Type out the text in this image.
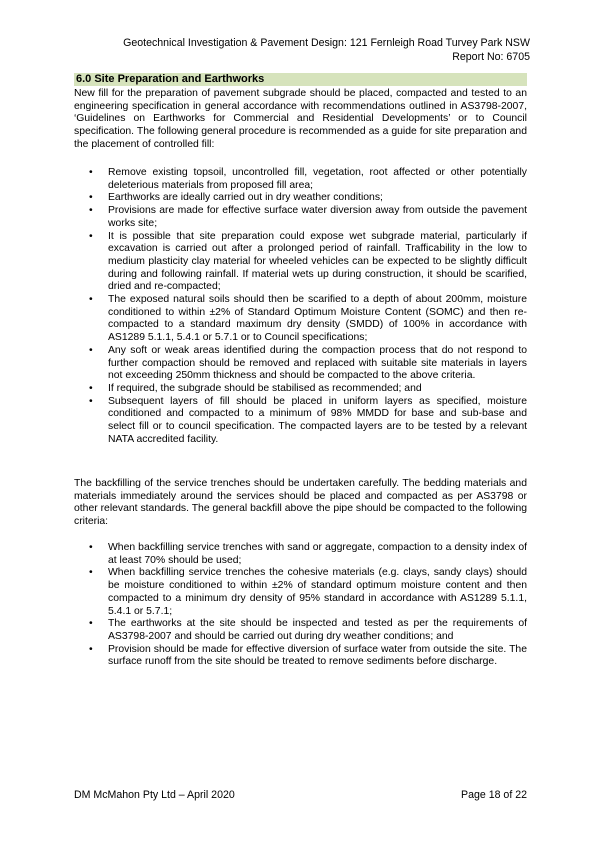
Geotechnical Investigation & Pavement Design: 121 Fernleigh Road Turvey Park NSW
Report No: 6705
6.0 Site Preparation and Earthworks

New fill for the preparation of pavement subgrade should be placed, compacted and tested to an engineering specification in general accordance with recommendations outlined in AS3798-2007, ‘Guidelines on Earthworks for Commercial and Residential Developments’ or to Council specification. The following general procedure is recommended as a guide for site preparation and the placement of controlled fill:

• Remove existing topsoil, uncontrolled fill, vegetation, root affected or other potentially deleterious materials from proposed fill area;
• Earthworks are ideally carried out in dry weather conditions;
• Provisions are made for effective surface water diversion away from outside the pavement works site;
• It is possible that site preparation could expose wet subgrade material, particularly if excavation is carried out after a prolonged period of rainfall. Trafficability in the low to medium plasticity clay material for wheeled vehicles can be expected to be slightly difficult during and following rainfall. If material wets up during construction, it should be scarified, dried and re-compacted;
• The exposed natural soils should then be scarified to a depth of about 200mm, moisture conditioned to within ±2% of Standard Optimum Moisture Content (SOMC) and then re-compacted to a standard maximum dry density (SMDD) of 100% in accordance with AS1289 5.1.1, 5.4.1 or 5.7.1 or to Council specifications;
• Any soft or weak areas identified during the compaction process that do not respond to further compaction should be removed and replaced with suitable site materials in layers not exceeding 250mm thickness and should be compacted to the above criteria.
• If required, the subgrade should be stabilised as recommended; and
• Subsequent layers of fill should be placed in uniform layers as specified, moisture conditioned and compacted to a minimum of 98% MMDD for base and sub-base and select fill or to council specification. The compacted layers are to be tested by a relevant NATA accredited facility.

The backfilling of the service trenches should be undertaken carefully. The bedding materials and materials immediately around the services should be placed and compacted as per AS3798 or other relevant standards. The general backfill above the pipe should be compacted to the following criteria:

• When backfilling service trenches with sand or aggregate, compaction to a density index of at least 70% should be used;
• When backfilling service trenches the cohesive materials (e.g. clays, sandy clays) should be moisture conditioned to within ±2% of standard optimum moisture content and then compacted to a minimum dry density of 95% standard in accordance with AS1289 5.1.1, 5.4.1 or 5.7.1;
• The earthworks at the site should be inspected and tested as per the requirements of AS3798-2007 and should be carried out during dry weather conditions; and
• Provision should be made for effective diversion of surface water from outside the site. The surface runoff from the site should be treated to remove sediments before discharge.
DM McMahon Pty Ltd – April 2020	Page 18 of 22
